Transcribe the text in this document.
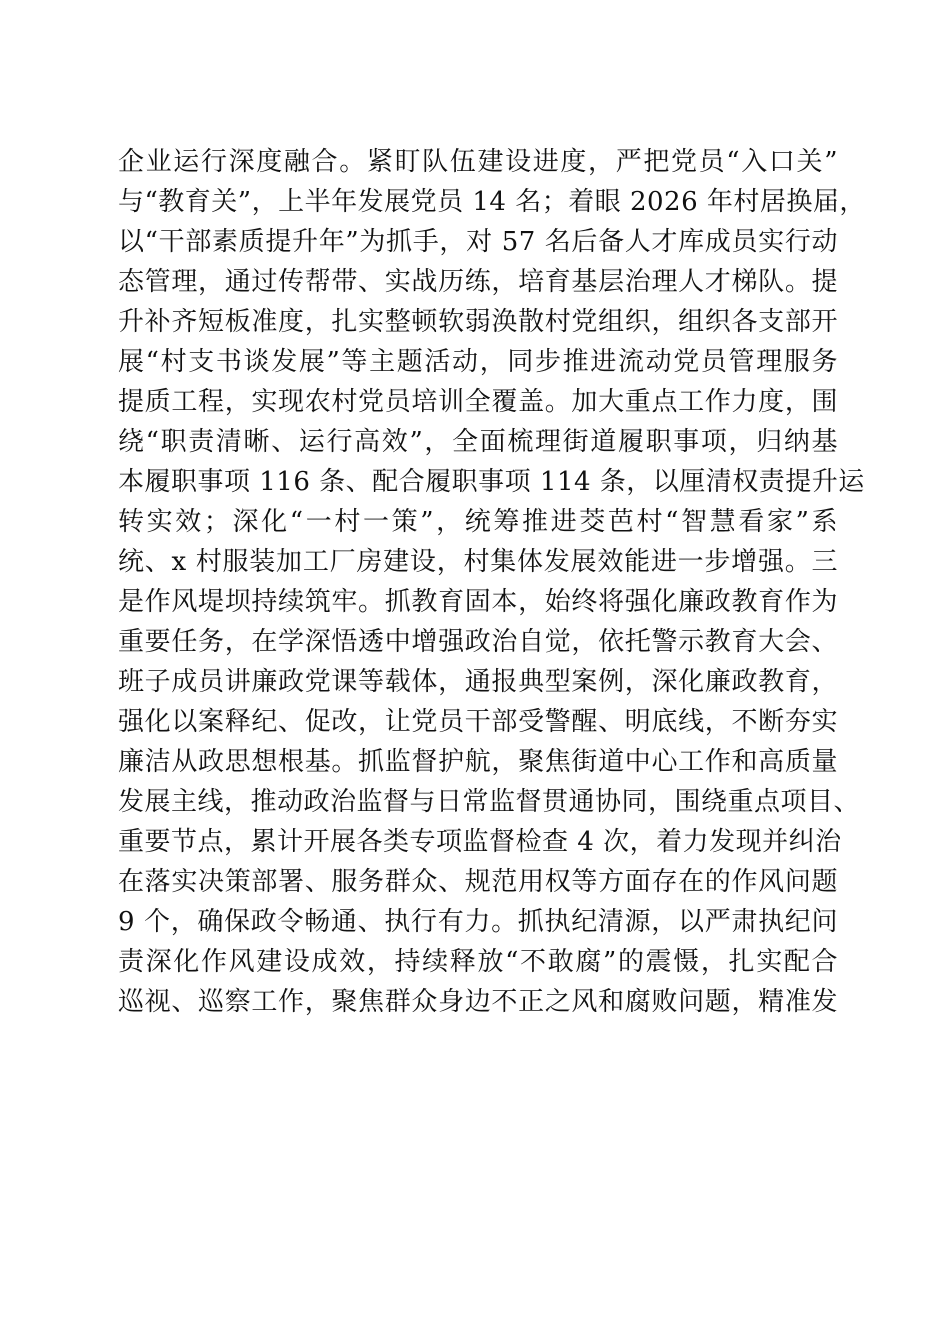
企业运行深度融合。紧盯队伍建设进度，严把党员“入口关”
与“教育关”，上半年发展党员 14 名；着眼 2026 年村居换届，
以“干部素质提升年”为抓手，对 57 名后备人才库成员实行动
态管理，通过传帮带、实战历练，培育基层治理人才梯队。提
升补齐短板准度，扎实整顿软弱涣散村党组织，组织各支部开
展“村支书谈发展”等主题活动，同步推进流动党员管理服务
提质工程，实现农村党员培训全覆盖。加大重点工作力度，围
绕“职责清晰、运行高效”，全面梳理街道履职事项，归纳基
本履职事项 116 条、配合履职事项 114 条，以厘清权责提升运
转实效；深化“一村一策”，统筹推进茭芭村“智慧看家”系
统、x 村服装加工厂房建设，村集体发展效能进一步增强。三
是作风堤坝持续筑牢。抓教育固本，始终将强化廉政教育作为
重要任务，在学深悟透中增强政治自觉，依托警示教育大会、
班子成员讲廉政党课等载体，通报典型案例，深化廉政教育，
强化以案释纪、促改，让党员干部受警醒、明底线，不断夯实
廉洁从政思想根基。抓监督护航，聚焦街道中心工作和高质量
发展主线，推动政治监督与日常监督贯通协同，围绕重点项目、
重要节点，累计开展各类专项监督检查 4 次，着力发现并纠治
在落实决策部署、服务群众、规范用权等方面存在的作风问题
9 个，确保政令畅通、执行有力。抓执纪清源，以严肃执纪问
责深化作风建设成效，持续释放“不敢腐”的震慑，扎实配合
巡视、巡察工作，聚焦群众身边不正之风和腐败问题，精准发
